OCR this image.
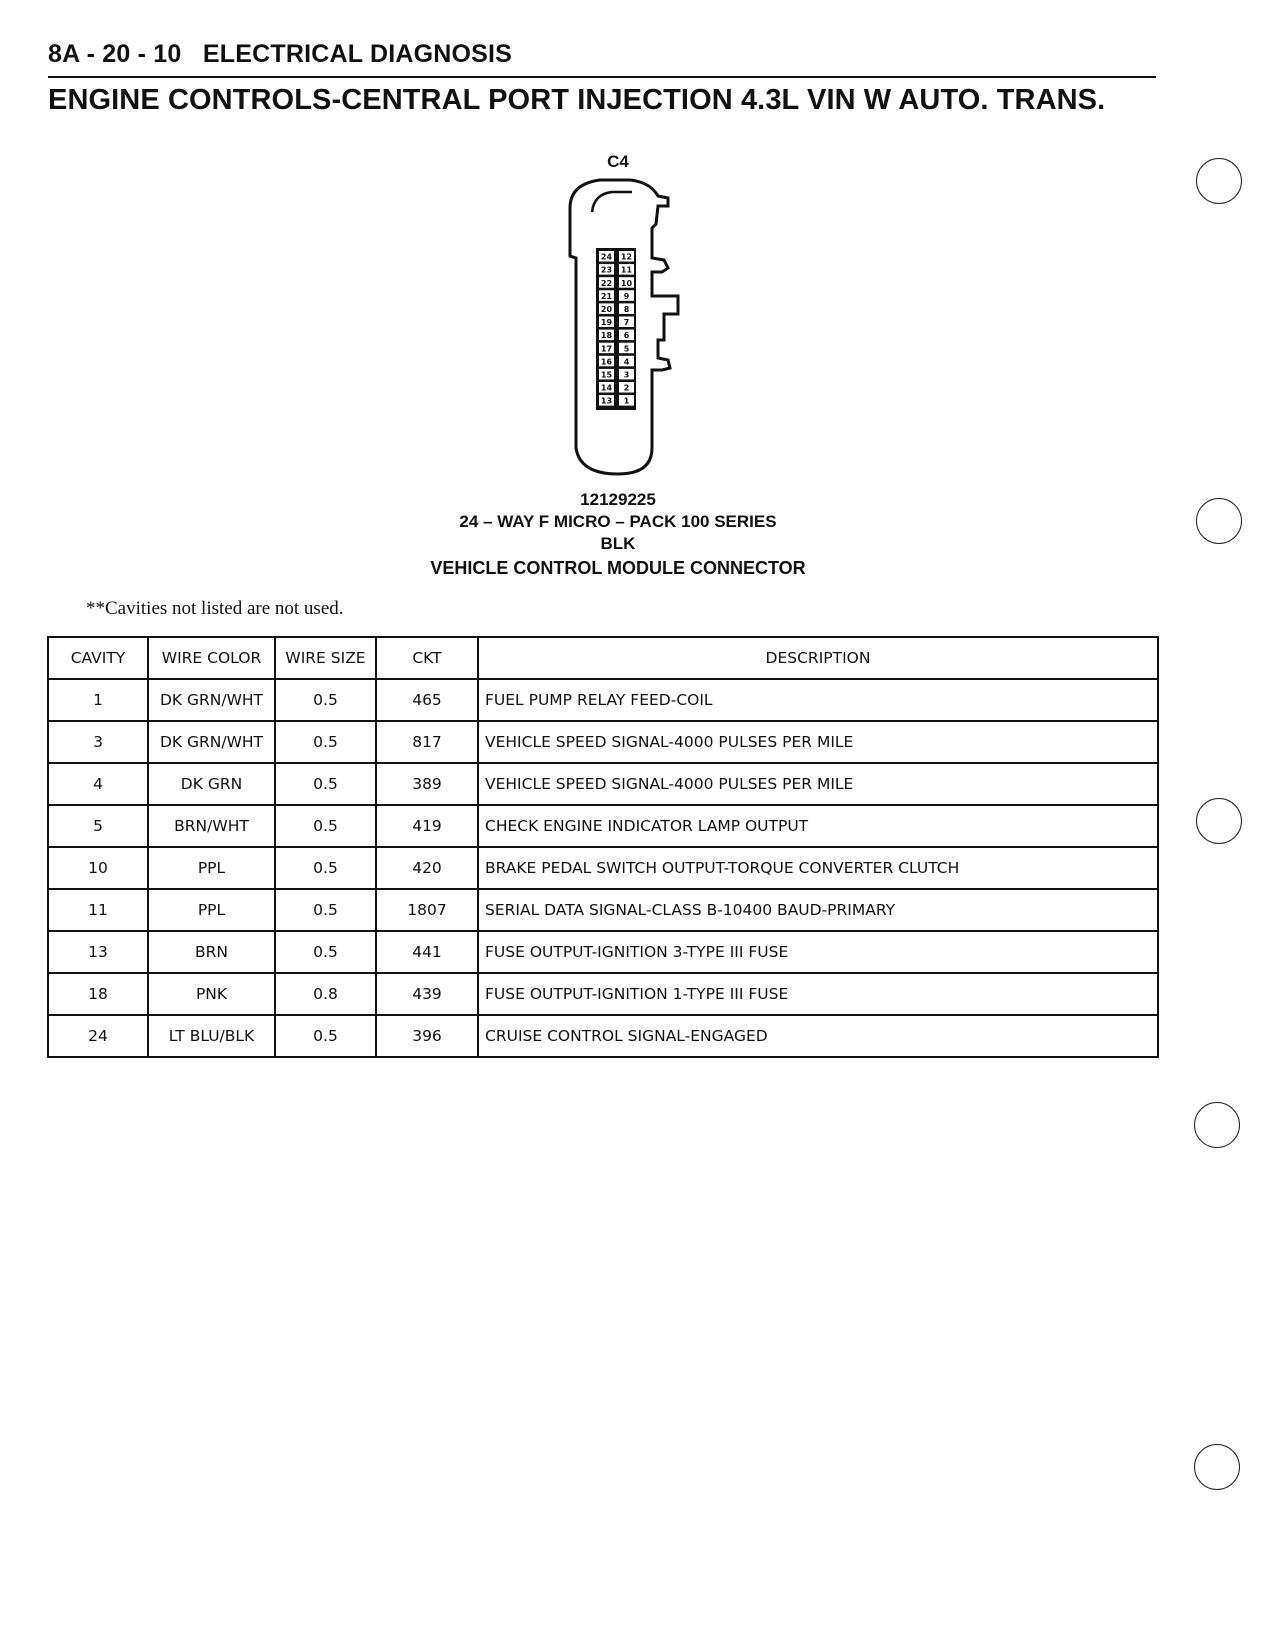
8A - 20 - 10 ELECTRICAL DIAGNOSIS
ENGINE CONTROLS-CENTRAL PORT INJECTION 4.3L VIN W AUTO. TRANS.
C4
24 12
23 11
22 10
21 9
20 8
19 7
18 6
17 5
16 4
15 3
14 2
13 1
12129225
24 – WAY F MICRO – PACK 100 SERIES
BLK
VEHICLE CONTROL MODULE CONNECTOR
**Cavities not listed are not used.
CAVITY	WIRE COLOR	WIRE SIZE	CKT	DESCRIPTION
1	DK GRN/WHT	0.5	465	FUEL PUMP RELAY FEED-COIL
3	DK GRN/WHT	0.5	817	VEHICLE SPEED SIGNAL-4000 PULSES PER MILE
4	DK GRN	0.5	389	VEHICLE SPEED SIGNAL-4000 PULSES PER MILE
5	BRN/WHT	0.5	419	CHECK ENGINE INDICATOR LAMP OUTPUT
10	PPL	0.5	420	BRAKE PEDAL SWITCH OUTPUT-TORQUE CONVERTER CLUTCH
11	PPL	0.5	1807	SERIAL DATA SIGNAL-CLASS B-10400 BAUD-PRIMARY
13	BRN	0.5	441	FUSE OUTPUT-IGNITION 3-TYPE III FUSE
18	PNK	0.8	439	FUSE OUTPUT-IGNITION 1-TYPE III FUSE
24	LT BLU/BLK	0.5	396	CRUISE CONTROL SIGNAL-ENGAGED
